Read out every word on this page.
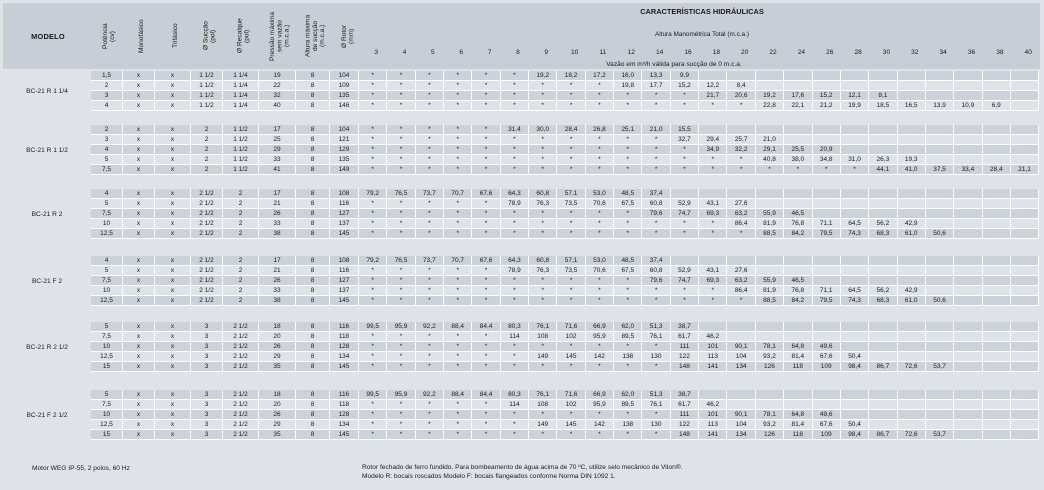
MODELO	Potência
(cv)	Monofásico	Trifásico	Ø Sucção
(pol)
Ø Recalque
(pol)
Pressão máxima
sem vazão
(m.c.a.)
Altura máxima
de sucção
(m.c.a.)	Ø Rotor
(mm)
CARACTERÍSTICAS HIDRÁULICAS
Altura Manométrica Total (m.c.a.)
3	4	5	6	7	8	9	10	11	12	14	16	18	20	22	24	26	28	30	32	34	36	38	40
BC-21 R 1 1/4
1,5	x	x	1 1/2	1 1/4	19	8	104	*	*	*	*	*	*	19,2	18,2	17,2	16,0	13,3	9,9
2	x	x	1 1/2	1 1/4	22	8	109	*	*	*	*	*	*	*	*	*	19,8	17,7	15,2	12,2	8,4
3	x	x	1 1/2	1 1/4	32	8	135	*	*	*	*	*	*	*	*	*	*	*	*	21,7	20,6	19,2	17,6	15,2	12,1	8,1
4	x	x	1 1/2	1 1/4	40	8	146	*	*	*	*	*	*	*	*	*	*	*	*	*	*	22,8	22,1	21,2	19,9	18,5	16,5	13,9	10,9	6,9
BC-21 R 1 1/2
2	x	x	2	1 1/2	17	8	104	*	*	*	*	*	31,4	30,0	28,4	26,8	25,1	21,0	15,5
3	x	x	2	1 1/2	25	8	121	*	*	*	*	*	*	*	*	*	*	*	32,7	29,4	25,7	21,0
4	x	x	2	1 1/2	29	8	129	*	*	*	*	*	*	*	*	*	*	*	*	34,9	32,2	29,1	25,5	20,9
5	x	x	2	1 1/2	33	8	135	*	*	*	*	*	*	*	*	*	*	*	*	*	*	40,8	38,0	34,8	31,0	26,3	19,3
7,5	x	x	2	1 1/2	41	8	149	*	*	*	*	*	*	*	*	*	*	*	*	*	*	*	*	*	*	44,1	41,0	37,5	33,4	28,4	21,1
BC-21 R 2
4	x	x	2 1/2	2	17	8	108	79,2	76,5	73,7	70,7	67,6	64,3	60,8	57,1	53,0	48,5	37,4
5	x	x	2 1/2	2	21	8	116	*	*	*	*	*	78,9	76,3	73,5	70,6	67,5	60,8	52,9	43,1	27,6
7,5	x	x	2 1/2	2	26	8	127	*	*	*	*	*	*	*	*	*	*	79,6	74,7	69,3	63,2	55,9	46,5
10	x	x	2 1/2	2	33	8	137	*	*	*	*	*	*	*	*	*	*	*	*	*	86,4	81,9	76,8	71,1	64,5	56,2	42,9
12,5	x	x	2 1/2	2	38	8	145	*	*	*	*	*	*	*	*	*	*	*	*	*	*	88,5	84,2	79,5	74,3	68,3	61,0	50,6
BC-21 F 2
4	x	x	2 1/2	2	17	8	108	79,2	76,5	73,7	70,7	67,6	64,3	60,8	57,1	53,0	48,5	37,4
5	x	x	2 1/2	2	21	8	116	*	*	*	*	*	78,9	76,3	73,5	70,6	67,5	60,8	52,9	43,1	27,6
7,5	x	x	2 1/2	2	26	8	127	*	*	*	*	*	*	*	*	*	*	79,6	74,7	69,3	63,2	55,9	46,5
10	x	x	2 1/2	2	33	8	137	*	*	*	*	*	*	*	*	*	*	*	*	*	86,4	81,9	76,8	71,1	64,5	56,2	42,9
12,5	x	x	2 1/2	2	38	8	145	*	*	*	*	*	*	*	*	*	*	*	*	*	*	88,5	84,2	79,5	74,3	68,3	61,0	50,6
BC-21 R 2 1/2
5	x	x	3	2 1/2	18	8	116	99,5	95,9	92,2	88,4	84,4	80,3	76,1	71,6	66,9	62,0	51,3	38,7
7,5	x	x	3	2 1/2	20	8	118	*	*	*	*	*	114	108	102	95,9	89,5	76,1	61,7	46,2
10	x	x	3	2 1/2	26	8	128	*	*	*	*	*	*	*	*	*	*	*	111	101	90,1	78,1	64,8	49,6
12,5	x	x	3	2 1/2	29	8	134	*	*	*	*	*	*	149	145	142	138	130	122	113	104	93,2	81,4	67,6	50,4
15	x	x	3	2 1/2	35	8	145	*	*	*	*	*	*	*	*	*	*	*	148	141	134	126	118	109	98,4	86,7	72,6	53,7
BC-21 F 2 1/2
5	x	x	3	2 1/2	18	8	116	99,5	95,9	92,2	88,4	84,4	80,3	76,1	71,6	66,9	62,0	51,3	38,7
7,5	x	x	3	2 1/2	20	8	118	*	*	*	*	*	114	108	102	95,9	89,5	76,1	61,7	46,2
10	x	x	3	2 1/2	26	8	128	*	*	*	*	*	*	*	*	*	*	*	111	101	90,1	78,1	64,8	49,6
12,5	x	x	3	2 1/2	29	8	134	*	*	*	*	*	*	149	145	142	138	130	122	113	104	93,2	81,4	67,6	50,4
15	x	x	3	2 1/2	35	8	145	*	*	*	*	*	*	*	*	*	*	*	148	141	134	126	118	109	98,4	86,7	72,6	53,7
Vazão em m³/h válida para sucção de 0 m.c.a.
Motor WEG IP-55, 2 polos, 60 Hz	Rotor fechado de ferro fundido. Para bombeamento de água acima de 70 ºC, utilize selo mecânico de Viton®.
Modelo R: bocais roscados Modelo F: bocais flangeados conforme Norma DIN 1092 1.
